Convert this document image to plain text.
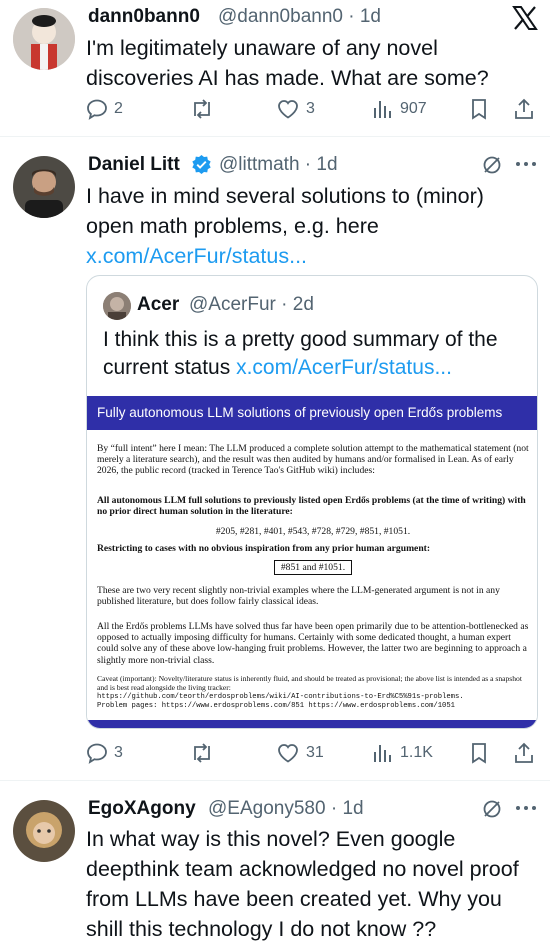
dann0bann0 @dann0bann0 · 1d
I'm legitimately unaware of any novel discoveries AI has made. What are some?
2	3	907
Daniel Litt @littmath · 1d
I have in mind several solutions to (minor) open math problems, e.g. here x.com/AcerFur/status...
Acer @AcerFur · 2d
I think this is a pretty good summary of the current status x.com/AcerFur/status...
Fully autonomous LLM solutions of previously open Erdős problems
By “full intent” here I mean: The LLM produced a complete solution attempt to the mathematical statement (not merely a literature search), and the result was then audited by humans and/or formalised in Lean. As of early 2026, the public record (tracked in Terence Tao's GitHub wiki) includes:
All autonomous LLM full solutions to previously listed open Erdős problems (at the time of writing) with no prior direct human solution in the literature:
#205, #281, #401, #543, #728, #729, #851, #1051.
Restricting to cases with no obvious inspiration from any prior human argument:
#851 and #1051.
These are two very recent slightly non-trivial examples where the LLM-generated argument is not in any published literature, but does follow fairly classical ideas.
All the Erdős problems LLMs have solved thus far have been open primarily due to be attention-bottlenecked as opposed to actually imposing difficulty for humans. Certainly with some dedicated thought, a human expert could solve any of these above low-hanging fruit problems. However, the latter two are beginning to approach a slightly more non-trivial class.
Caveat (important): Novelty/literature status is inherently fluid, and should be treated as provisional; the above list is intended as a snapshot and is best read alongside the living tracker:
https://github.com/teorth/erdosproblems/wiki/AI-contributions-to-Erd%C5%91s-problems.
Problem pages: https://www.erdosproblems.com/851 https://www.erdosproblems.com/1051
3	31	1.1K
EgoXAgony @EAgony580 · 1d
In what way is this novel? Even google deepthink team acknowledged no novel proof from LLMs have been created yet. Why you shill this technology I do not know ??
